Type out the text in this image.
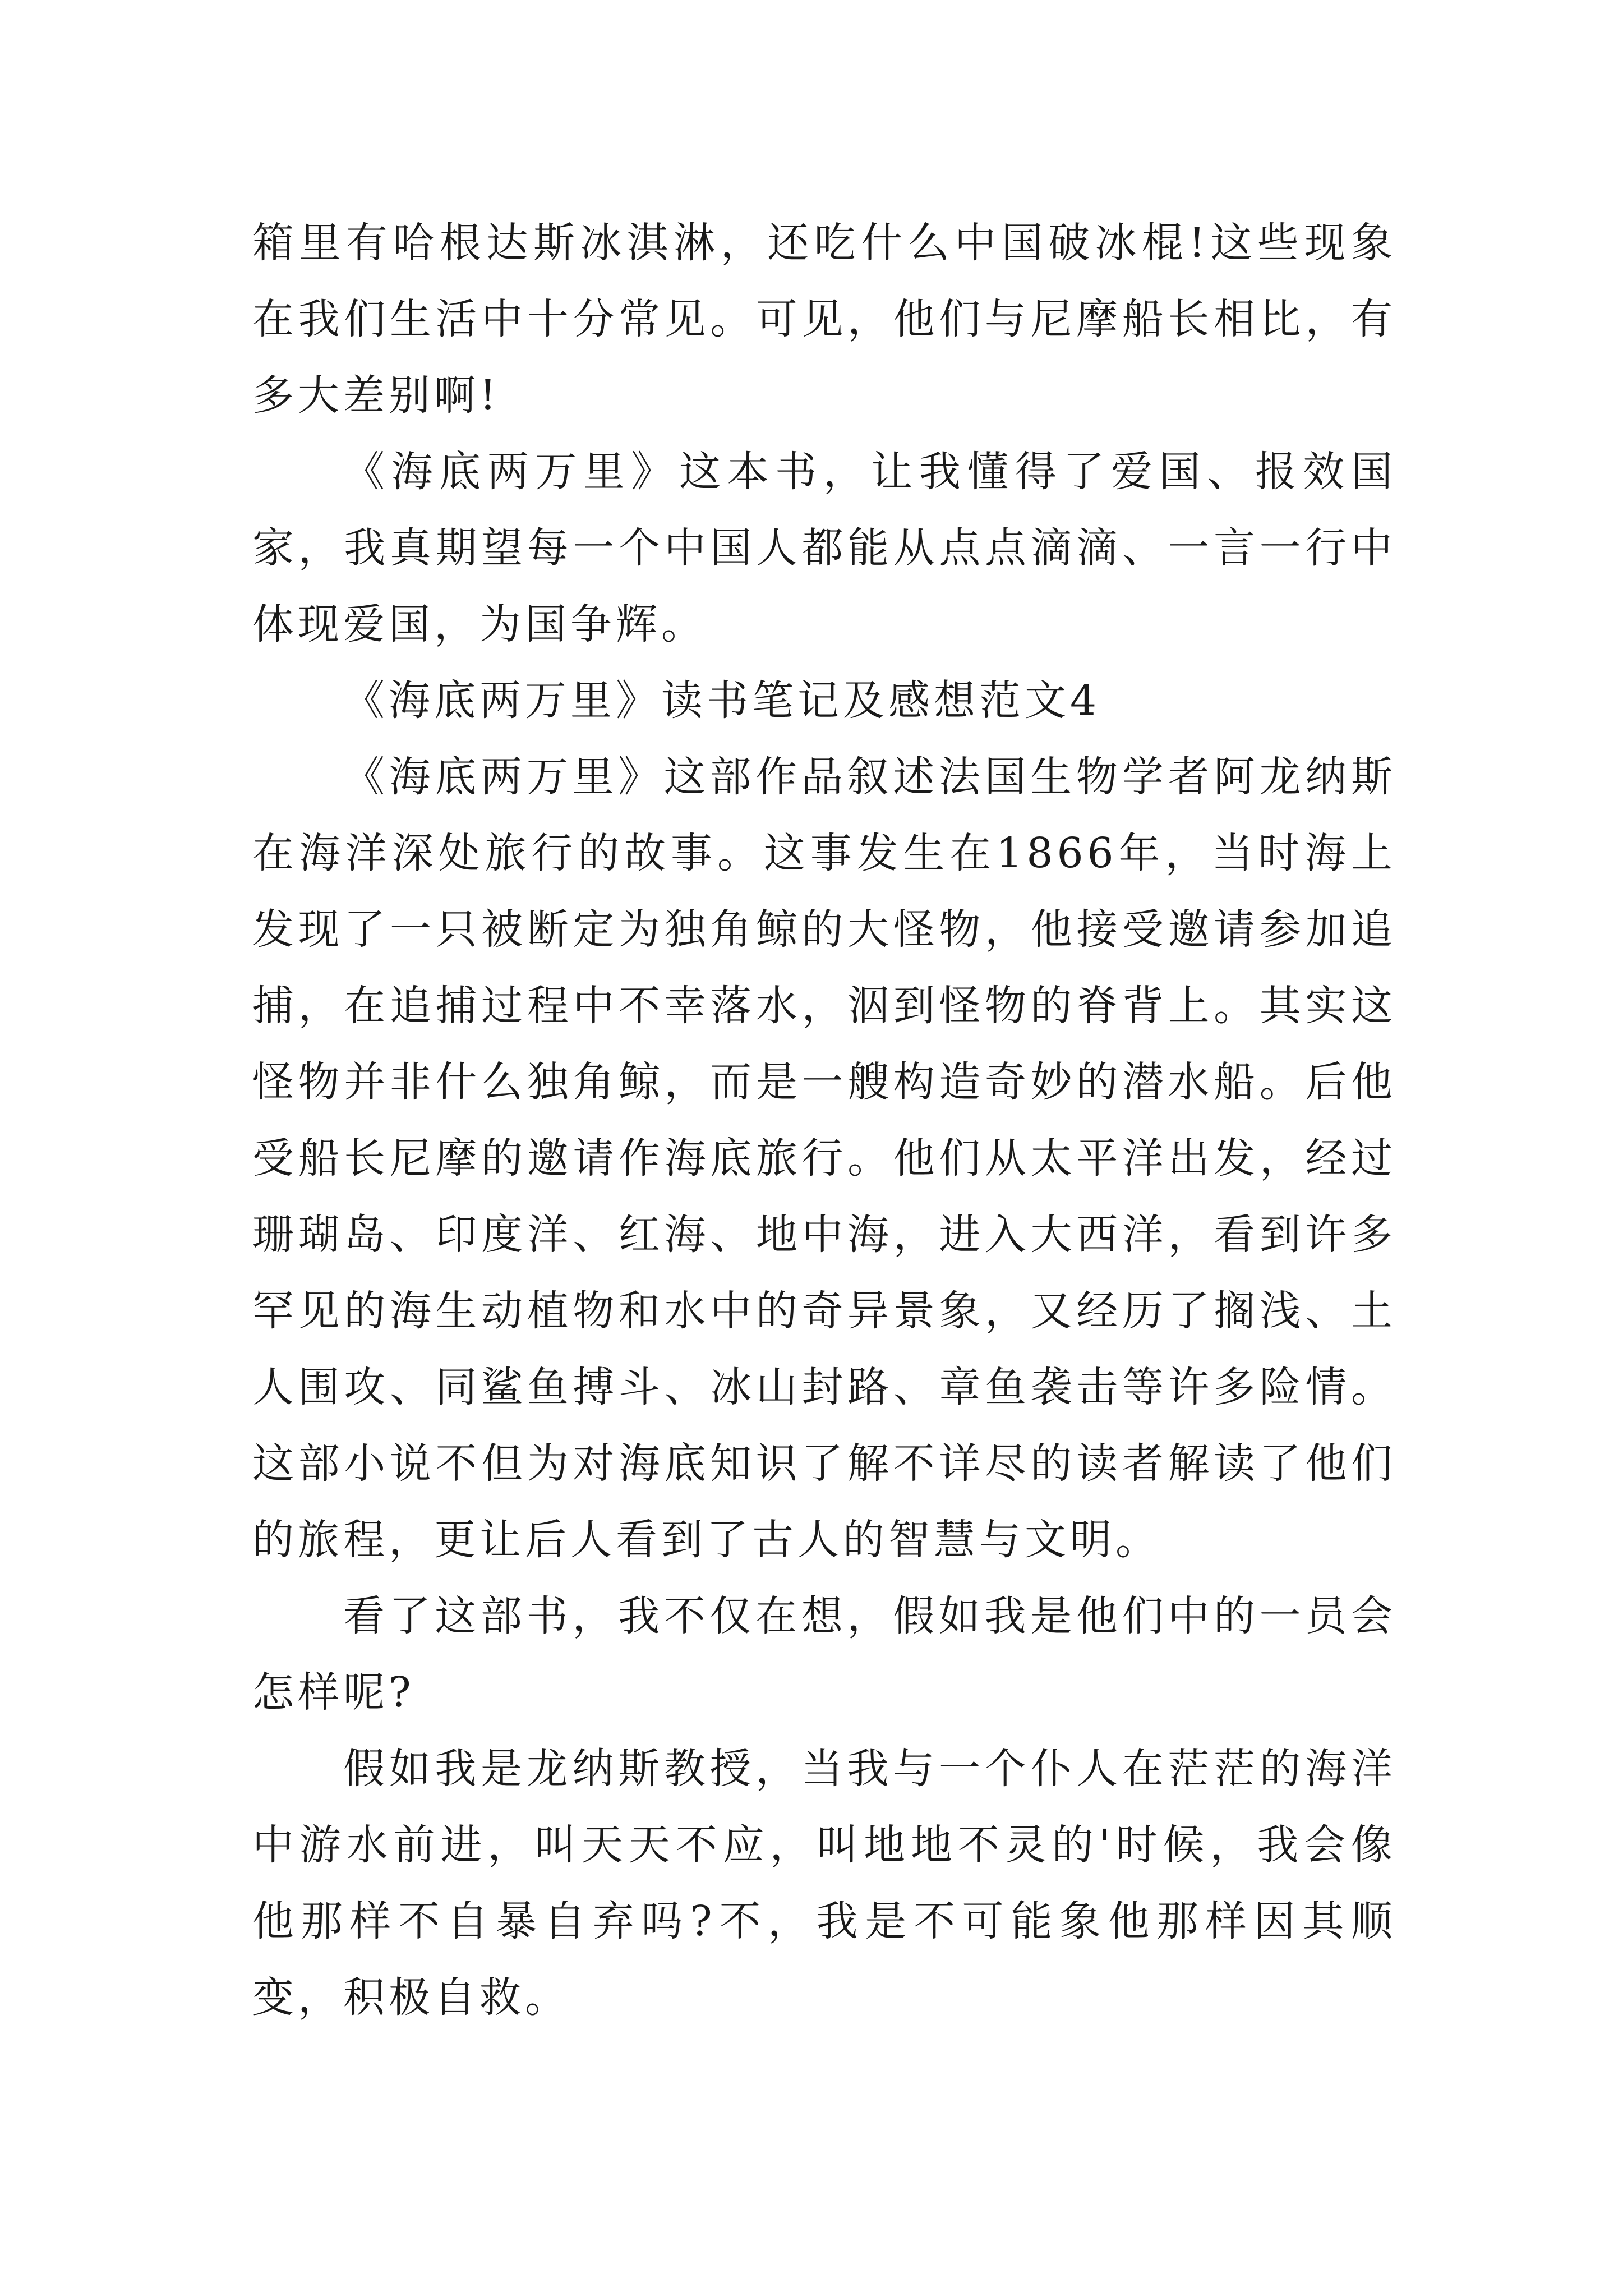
箱里有哈根达斯冰淇淋，还吃什么中国破冰棍!这些现象在我们生活中十分常见。可见，他们与尼摩船长相比，有多大差别啊!

《海底两万里》这本书，让我懂得了爱国、报效国家，我真期望每一个中国人都能从点点滴滴、一言一行中体现爱国，为国争辉。

《海底两万里》读书笔记及感想范文4

《海底两万里》这部作品叙述法国生物学者阿龙纳斯在海洋深处旅行的故事。这事发生在1866年，当时海上发现了一只被断定为独角鲸的大怪物，他接受邀请参加追捕，在追捕过程中不幸落水，泅到怪物的脊背上。其实这怪物并非什么独角鲸，而是一艘构造奇妙的潜水船。后他受船长尼摩的邀请作海底旅行。他们从太平洋出发，经过珊瑚岛、印度洋、红海、地中海，进入大西洋，看到许多罕见的海生动植物和水中的奇异景象，又经历了搁浅、土人围攻、同鲨鱼搏斗、冰山封路、章鱼袭击等许多险情。这部小说不但为对海底知识了解不详尽的读者解读了他们的旅程，更让后人看到了古人的智慧与文明。

看了这部书，我不仅在想，假如我是他们中的一员会怎样呢?

假如我是龙纳斯教授，当我与一个仆人在茫茫的海洋中游水前进，叫天天不应，叫地地不灵的'时候，我会像他那样不自暴自弃吗?不，我是不可能象他那样因其顺变，积极自救。
